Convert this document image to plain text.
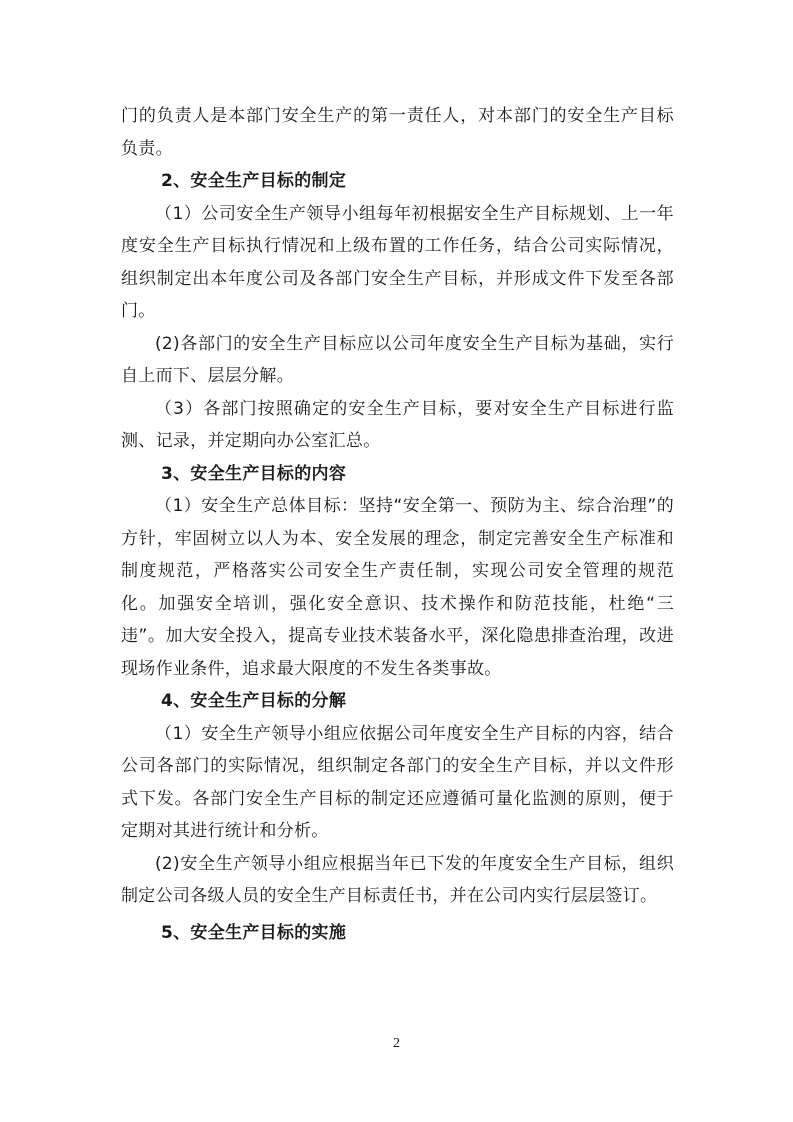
门的负责人是本部门安全生产的第一责任人，对本部门的安全生产目标负责。

2、安全生产目标的制定

（1）公司安全生产领导小组每年初根据安全生产目标规划、上一年度安全生产目标执行情况和上级布置的工作任务，结合公司实际情况，组织制定出本年度公司及各部门安全生产目标，并形成文件下发至各部门。

(2)各部门的安全生产目标应以公司年度安全生产目标为基础，实行自上而下、层层分解。

（3）各部门按照确定的安全生产目标，要对安全生产目标进行监测、记录，并定期向办公室汇总。

3、安全生产目标的内容

（1）安全生产总体目标：坚持“安全第一、预防为主、综合治理”的方针，牢固树立以人为本、安全发展的理念，制定完善安全生产标准和制度规范，严格落实公司安全生产责任制，实现公司安全管理的规范化。加强安全培训，强化安全意识、技术操作和防范技能，杜绝“三违”。加大安全投入，提高专业技术装备水平，深化隐患排查治理，改进现场作业条件，追求最大限度的不发生各类事故。

4、安全生产目标的分解

（1）安全生产领导小组应依据公司年度安全生产目标的内容，结合公司各部门的实际情况，组织制定各部门的安全生产目标，并以文件形式下发。各部门安全生产目标的制定还应遵循可量化监测的原则，便于定期对其进行统计和分析。

(2)安全生产领导小组应根据当年已下发的年度安全生产目标，组织制定公司各级人员的安全生产目标责任书，并在公司内实行层层签订。

5、安全生产目标的实施

2
